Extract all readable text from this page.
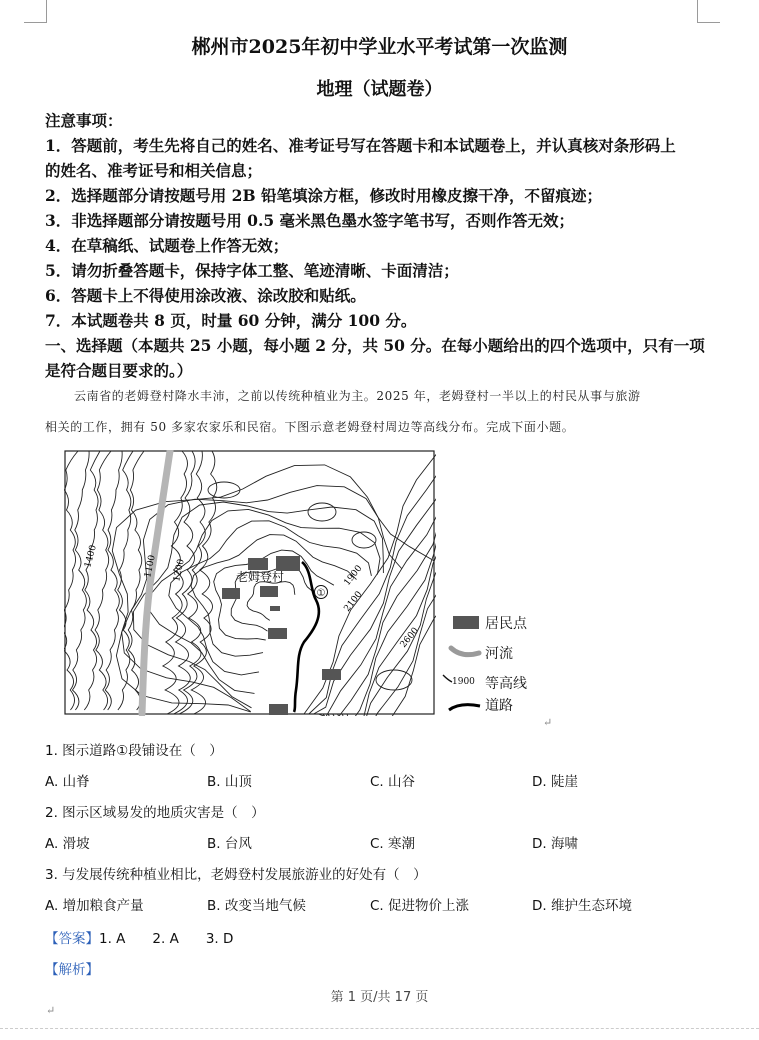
郴州市2025年初中学业水平考试第一次监测
地理（试题卷）
注意事项：
1．答题前，考生先将自己的姓名、准考证号写在答题卡和本试题卷上，并认真核对条形码上
的姓名、准考证号和相关信息；
2．选择题部分请按题号用 2B 铅笔填涂方框，修改时用橡皮擦干净，不留痕迹；
3．非选择题部分请按题号用 0.5 毫米黑色墨水签字笔书写，否则作答无效；
4．在草稿纸、试题卷上作答无效；
5．请勿折叠答题卡，保持字体工整、笔迹清晰、卡面清洁；
6．答题卡上不得使用涂改液、涂改胶和贴纸。
7．本试题卷共 8 页，时量 60 分钟，满分 100 分。
一、选择题（本题共 25 小题，每小题 2 分，共 50 分。在每小题给出的四个选项中，只有一项
是符合题目要求的。）
云南省的老姆登村降水丰沛，之前以传统种植业为主。2025 年，老姆登村一半以上的村民从事与旅游
相关的工作，拥有 50 多家农家乐和民宿。下图示意老姆登村周边等高线分布。完成下面小题。
老姆登村
①
1400	1100 1200	1900
2100
2600
居民点
河流
1900 等高线
道路
↵
1. 图示道路①段铺设在（　）
A. 山脊	B. 山顶	C. 山谷	D. 陡崖
2. 图示区域易发的地质灾害是（　）
A. 滑坡	B. 台风	C. 寒潮	D. 海啸
3. 与发展传统种植业相比，老姆登村发展旅游业的好处有（　）
A. 增加粮食产量	B. 改变当地气候	C. 促进物价上涨	D. 维护生态环境
【答案】1. A　　2. A　　3. D
【解析】
第 1 页/共 17 页
↵
